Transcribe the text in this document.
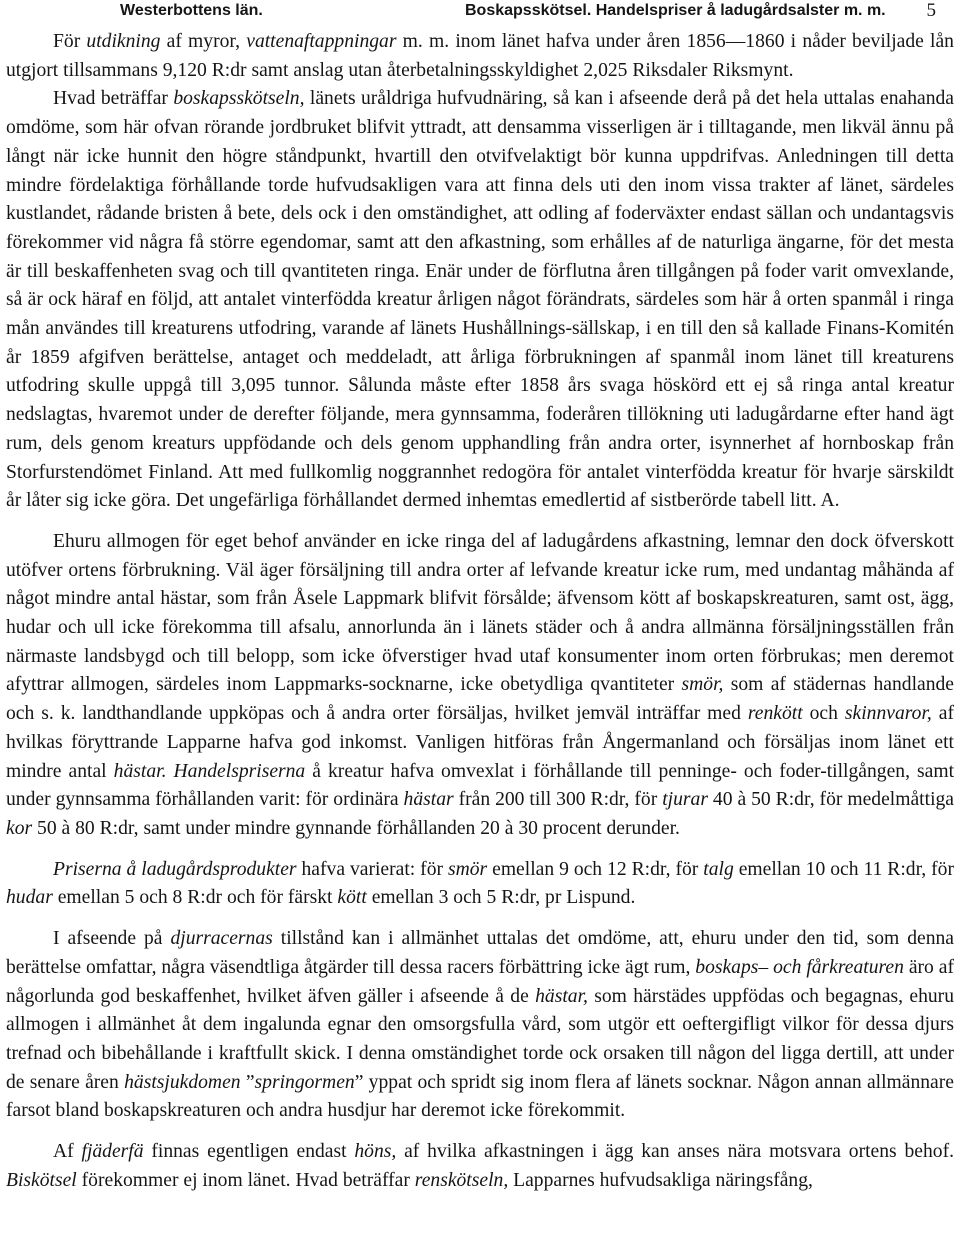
Westerbottens län.	Boskapsskötsel. Handelspriser å ladugårdsalster m. m. 5

För utdikning af myror, vattenaftappningar m. m. inom länet hafva under åren 1856—1860 i nåder beviljade lån utgjort tillsammans 9,120 R:dr samt anslag utan återbetalningsskyldighet 2,025 Riksdaler Riksmynt.

Hvad beträffar boskapsskötseln, länets uråldriga hufvudnäring, så kan i afseende derå på det hela uttalas enahanda omdöme, som här ofvan rörande jordbruket blifvit yttradt, att densamma visserligen är i tilltagande, men likväl ännu på långt när icke hunnit den högre ståndpunkt, hvartill den otvifvelaktigt bör kunna uppdrifvas. Anledningen till detta mindre fördelaktiga förhållande torde hufvudsakligen vara att finna dels uti den inom vissa trakter af länet, särdeles kustlandet, rådande bristen å bete, dels ock i den omständighet, att odling af foderväxter endast sällan och undantagsvis förekommer vid några få större egendomar, samt att den afkastning, som erhålles af de naturliga ängarne, för det mesta är till beskaffenheten svag och till qvantiteten ringa. Enär under de förflutna åren tillgången på foder varit omvexlande, så är ock häraf en följd, att antalet vinterfödda kreatur årligen något förändrats, särdeles som här å orten spanmål i ringa mån användes till kreaturens utfodring, varande af länets Hushållnings-sällskap, i en till den så kallade Finans-Komitén år 1859 afgifven berättelse, antaget och meddeladt, att årliga förbrukningen af spanmål inom länet till kreaturens utfodring skulle uppgå till 3,095 tunnor. Sålunda måste efter 1858 års svaga höskörd ett ej så ringa antal kreatur nedslagtas, hvaremot under de derefter följande, mera gynnsamma, foderåren tillökning uti ladugårdarne efter hand ägt rum, dels genom kreaturs uppfödande och dels genom upphandling från andra orter, isynnerhet af hornboskap från Storfurstendömet Finland. Att med fullkomlig noggrannhet redogöra för antalet vinterfödda kreatur för hvarje särskildt år låter sig icke göra. Det ungefärliga förhållandet dermed inhemtas emedlertid af sistberörde tabell litt. A.

Ehuru allmogen för eget behof använder en icke ringa del af ladugårdens afkastning, lemnar den dock öfverskott utöfver ortens förbrukning. Väl äger försäljning till andra orter af lefvande kreatur icke rum, med undantag måhända af något mindre antal hästar, som från Åsele Lappmark blifvit försålde; äfvensom kött af boskapskreaturen, samt ost, ägg, hudar och ull icke förekomma till afsalu, annorlunda än i länets städer och å andra allmänna försäljningsställen från närmaste landsbygd och till belopp, som icke öfverstiger hvad utaf konsumenter inom orten förbrukas; men deremot afyttrar allmogen, särdeles inom Lappmarks-socknarne, icke obetydliga qvantiteter smör, som af städernas handlande och s. k. landthandlande uppköpas och å andra orter försäljas, hvilket jemväl inträffar med renkött och skinnvaror, af hvilkas föryttrande Lapparne hafva god inkomst. Vanligen hitföras från Ångermanland och försäljas inom länet ett mindre antal hästar. Handelspriserna å kreatur hafva omvexlat i förhållande till penninge- och foder-tillgången, samt under gynnsamma förhållanden varit: för ordinära hästar från 200 till 300 R:dr, för tjurar 40 à 50 R:dr, för medelmåttiga kor 50 à 80 R:dr, samt under mindre gynnande förhållanden 20 à 30 procent derunder.

Priserna å ladugårdsprodukter hafva varierat: för smör emellan 9 och 12 R:dr, för talg emellan 10 och 11 R:dr, för hudar emellan 5 och 8 R:dr och för färskt kött emellan 3 och 5 R:dr, pr Lispund.

I afseende på djurracernas tillstånd kan i allmänhet uttalas det omdöme, att, ehuru under den tid, som denna berättelse omfattar, några väsendtliga åtgärder till dessa racers förbättring icke ägt rum, boskaps– och fårkreaturen äro af någorlunda god beskaffenhet, hvilket äfven gäller i afseende å de hästar, som härstädes uppfödas och begagnas, ehuru allmogen i allmänhet åt dem ingalunda egnar den omsorgsfulla vård, som utgör ett oeftergifligt vilkor för dessa djurs trefnad och bibehållande i kraftfullt skick. I denna omständighet torde ock orsaken till någon del ligga dertill, att under de senare åren hästsjukdomen ”springormen” yppat och spridt sig inom flera af länets socknar. Någon annan allmännare farsot bland boskapskreaturen och andra husdjur har deremot icke förekommit.

Af fjäderfä finnas egentligen endast höns, af hvilka afkastningen i ägg kan anses nära motsvara ortens behof. Biskötsel förekommer ej inom länet. Hvad beträffar renskötseln, Lapparnes hufvudsakliga näringsfång,
